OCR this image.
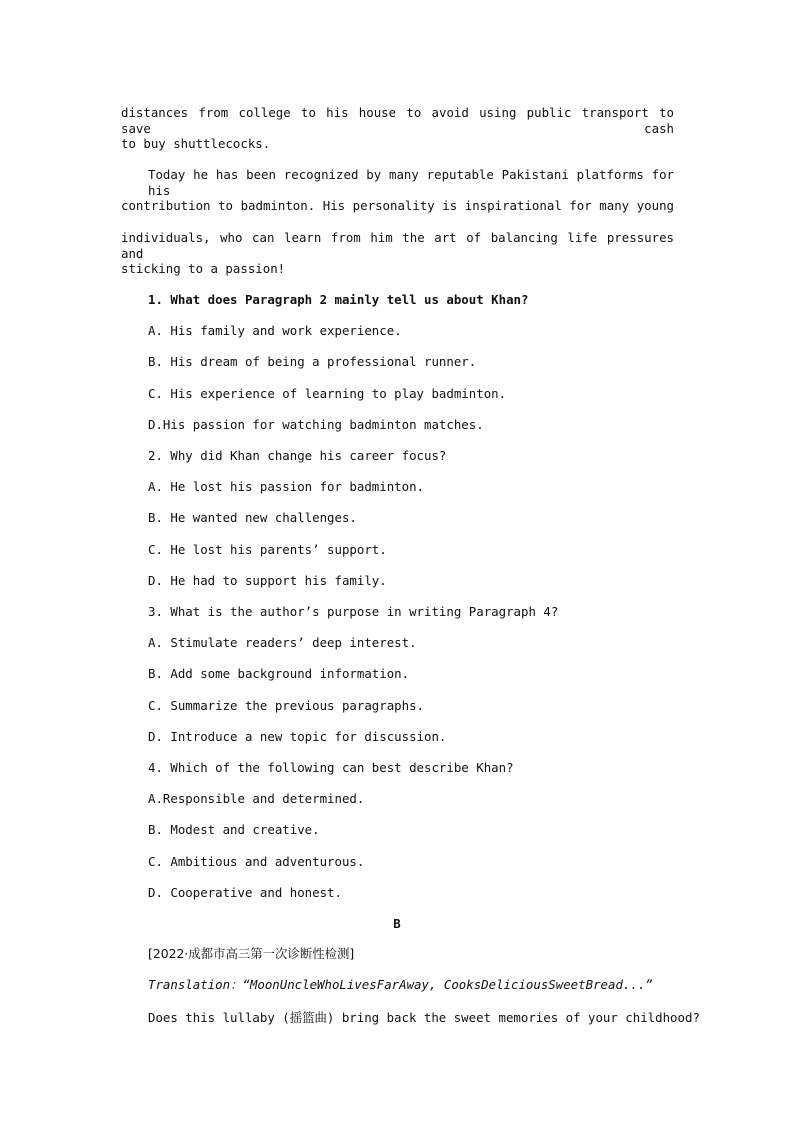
distances from college to his house to avoid using public transport to save cash
to buy shuttlecocks.
Today he has been recognized by many reputable Pakistani platforms for his
contribution to badminton. His personality is inspirational for many young
individuals, who can learn from him the art of balancing life pressures and
sticking to a passion!
1. What does Paragraph 2 mainly tell us about Khan?
A. His family and work experience.
B. His dream of being a professional runner.
C. His experience of learning to play badminton.
D.His passion for watching badminton matches.
2. Why did Khan change his career focus?
A. He lost his passion for badminton.
B. He wanted new challenges.
C. He lost his parents’ support.
D. He had to support his family.
3. What is the author’s purpose in writing Paragraph 4?
A. Stimulate readers’ deep interest.
B. Add some background information.
C. Summarize the previous paragraphs.
D. Introduce a new topic for discussion.
4. Which of the following can best describe Khan?
A.Responsible and determined.
B. Modest and creative.
C. Ambitious and adventurous.
D. Cooperative and honest.
B
[2022·成都市高三第一次诊断性检测]
Translation：“MoonUncleWhoLivesFarAway, CooksDeliciousSweetBread...”
Does this lullaby (摇篮曲) bring back the sweet memories of your childhood?
